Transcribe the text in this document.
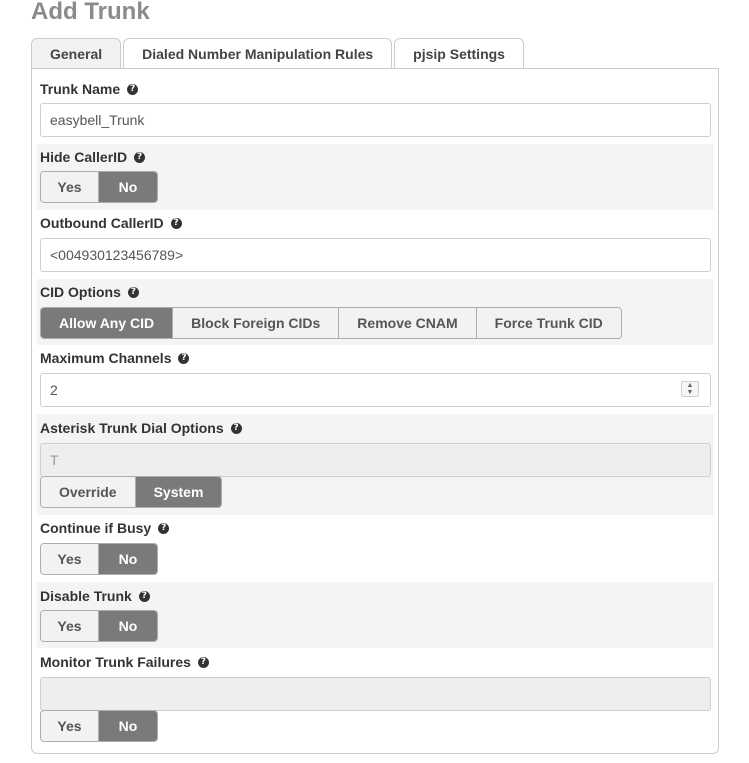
Add Trunk
General	Dialed Number Manipulation Rules	pjsip Settings
Trunk Name	?
easybell_Trunk
Hide CallerID	?
Yes	No
Outbound CallerID	?
<004930123456789>
CID Options	?
Allow Any CID	Block Foreign CIDs	Remove CNAM	Force Trunk CID
Maximum Channels	?
2
▲
▼
Asterisk Trunk Dial Options	?
T
Override	System
Continue if Busy	?
Yes	No
Disable Trunk	?
Yes	No
Monitor Trunk Failures	?
Yes	No
